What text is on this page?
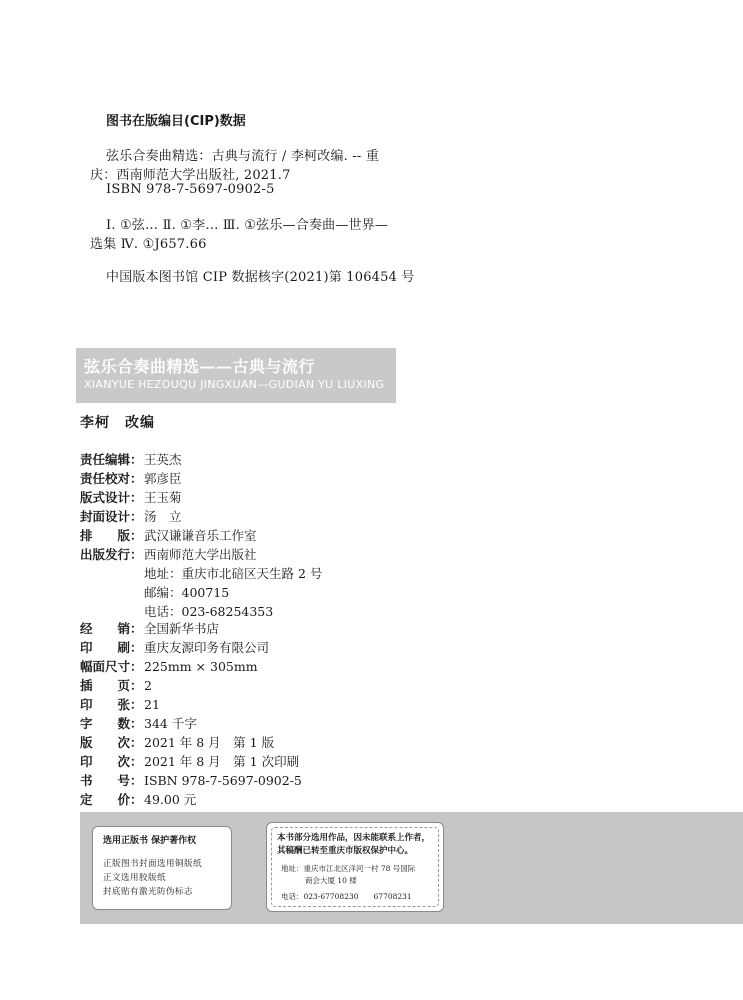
图书在版编目(CIP)数据
弦乐合奏曲精选：古典与流行 / 李柯改编. -- 重
庆：西南师范大学出版社, 2021.7
ISBN 978-7-5697-0902-5
Ⅰ. ①弦… Ⅱ. ①李… Ⅲ. ①弦乐—合奏曲—世界—
选集 Ⅳ. ①J657.66
中国版本图书馆 CIP 数据核字(2021)第 106454 号
弦乐合奏曲精选——古典与流行
XIANYUE HEZOUQU JINGXUAN—GUDIAN YU LIUXING
李柯　改编
责任编辑：王英杰
责任校对：郭彦臣
版式设计：王玉菊
封面设计：汤　立
排　　版：武汉谦谦音乐工作室
出版发行：西南师范大学出版社
地址：重庆市北碚区天生路 2 号
邮编：400715
电话：023-68254353
经　　销：全国新华书店
印　　刷：重庆友源印务有限公司
幅面尺寸：225mm × 305mm
插　　页：2
印　　张：21
字　　数：344 千字
版　　次：2021 年 8 月　第 1 版
印　　次：2021 年 8 月　第 1 次印刷
书　　号：ISBN 978-7-5697-0902-5
定　　价：49.00 元
选用正版书 保护著作权
正版图书封面选用铜版纸
正文选用胶版纸
封底贴有激光防伪标志
本书部分选用作品，因未能联系上作者，
其稿酬已转至重庆市版权保护中心。
地址：重庆市江北区洋河一村 78 号国际
商会大厦 10 楼
电话：023-67708230　　67708231
